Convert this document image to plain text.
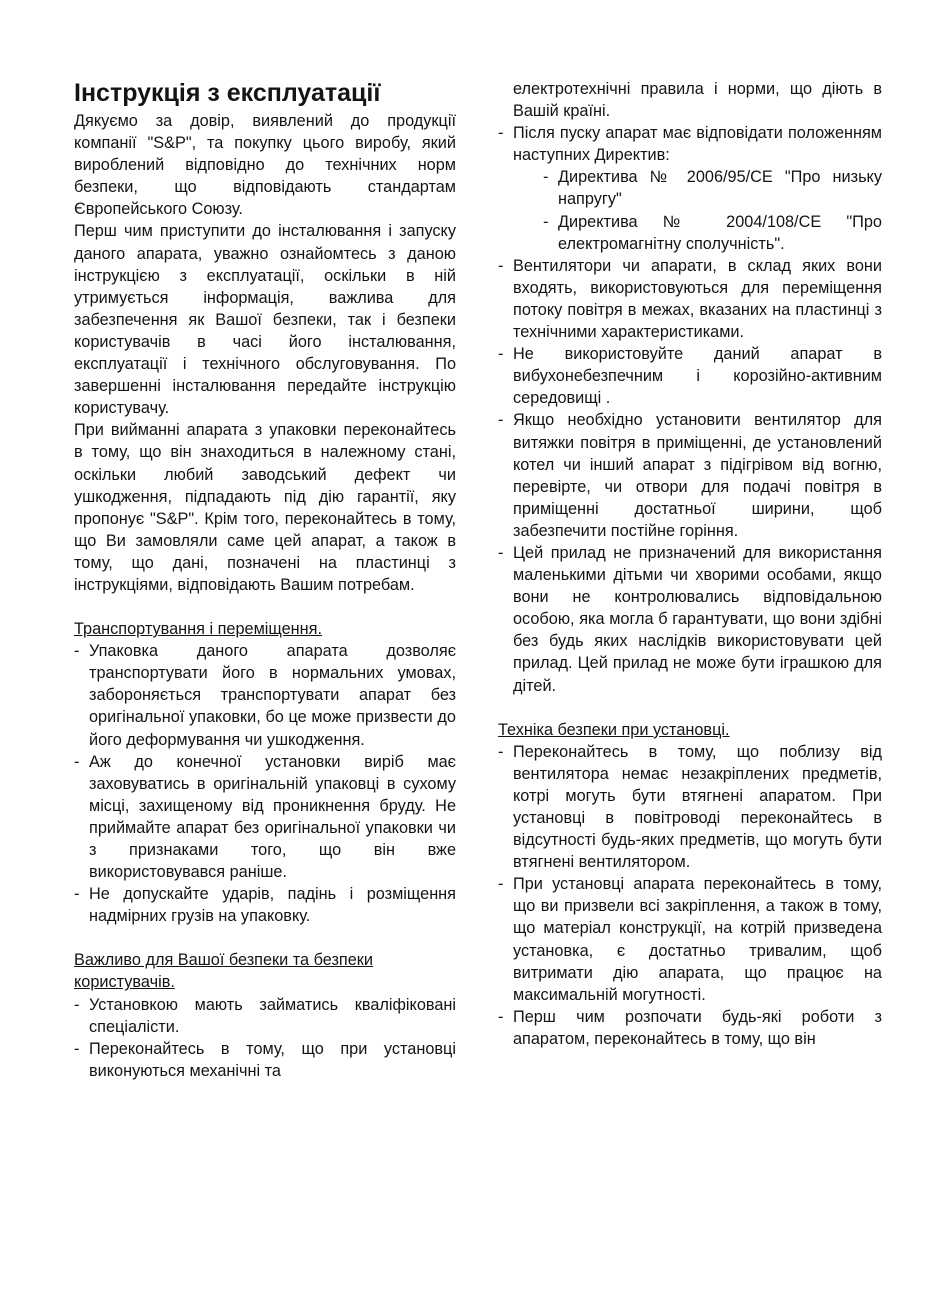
Інструкція з експлуатації

Дякуємо за довір, виявлений до продукції компанії "S&P", та покупку цього виробу, який вироблений відповідно до технічних норм безпеки, що відповідають стандартам Європейського Союзу.

Перш чим приступити до інсталювання і запуску даного апарата, уважно ознайомтесь з даною інструкцією з експлуатації, оскільки в ній утримується інформація, важлива для забезпечення як Вашої безпеки, так і безпеки користувачів в часі його інсталювання, експлуатації і технічного обслуговування. По завершенні інсталювання передайте інструкцію користувачу.

При вийманні апарата з упаковки переконайтесь в тому, що він знаходиться в належному стані, оскільки любий заводський дефект чи ушкодження, підпадають під дію гарантії, яку пропонує "S&P". Крім того, переконайтесь в тому, що Ви замовляли саме цей апарат, а також в тому, що дані, позначені на пластинці з інструкціями, відповідають Вашим потребам.

Транспортування і переміщення.

- Упаковка даного апарата дозволяє транспортувати його в нормальних умовах, забороняється транспортувати апарат без оригінальної упаковки, бо це може призвести до його деформування чи ушкодження.
- Аж до конечної установки виріб має заховуватись в оригінальній упаковці в сухому місці, захищеному від проникнення бруду. Не приймайте апарат без оригінальної упаковки чи з признаками того, що він вже використовувався раніше.
- Не допускайте ударів, падінь і розміщення надмірних грузів на упаковку.

Важливо для Вашої безпеки та безпеки користувачів.

- Установкою мають займатись кваліфіковані спеціалісти.
- Переконайтесь в тому, що при установці виконуються механічні та
електротехнічні правила і норми, що діють в Вашій країні.
- Після пуску апарат має відповідати положенням наступних Директив:
- Директива № 2006/95/CE "Про низьку напругу"
- Директива № 2004/108/CE "Про електромагнітну сполучність".
- Вентилятори чи апарати, в склад яких вони входять, використовуються для переміщення потоку повітря в межах, вказаних на пластинці з технічними характеристиками.
- Не використовуйте даний апарат в вибухонебезпечним і корозійно-активним середовищі .
- Якщо необхідно установити вентилятор для витяжки повітря в приміщенні, де установлений котел чи інший апарат з підігрівом від вогню, перевірте, чи отвори для подачі повітря в приміщенні достатньої ширини, щоб забезпечити постійне горіння.
- Цей прилад не призначений для використання маленькими дітьми чи хворими особами, якщо вони не контролювались відповідальною особою, яка могла б гарантувати, що вони здібні без будь яких наслідків використовувати цей прилад. Цей прилад не може бути іграшкою для дітей.

Техніка безпеки при установці.

- Переконайтесь в тому, що поблизу від вентилятора немає незакріплених предметів, котрі могуть бути втягнені апаратом. При установці в повітроводі переконайтесь в відсутності будь-яких предметів, що могуть бути втягнені вентилятором.
- При установці апарата переконайтесь в тому, що ви призвели всі закріплення, а також в тому, що матеріал конструкції, на котрій призведена установка, є достатньо тривалим, щоб витримати дію апарата, що працює на максимальній могутності.
- Перш чим розпочати будь-які роботи з апаратом, переконайтесь в тому, що він
